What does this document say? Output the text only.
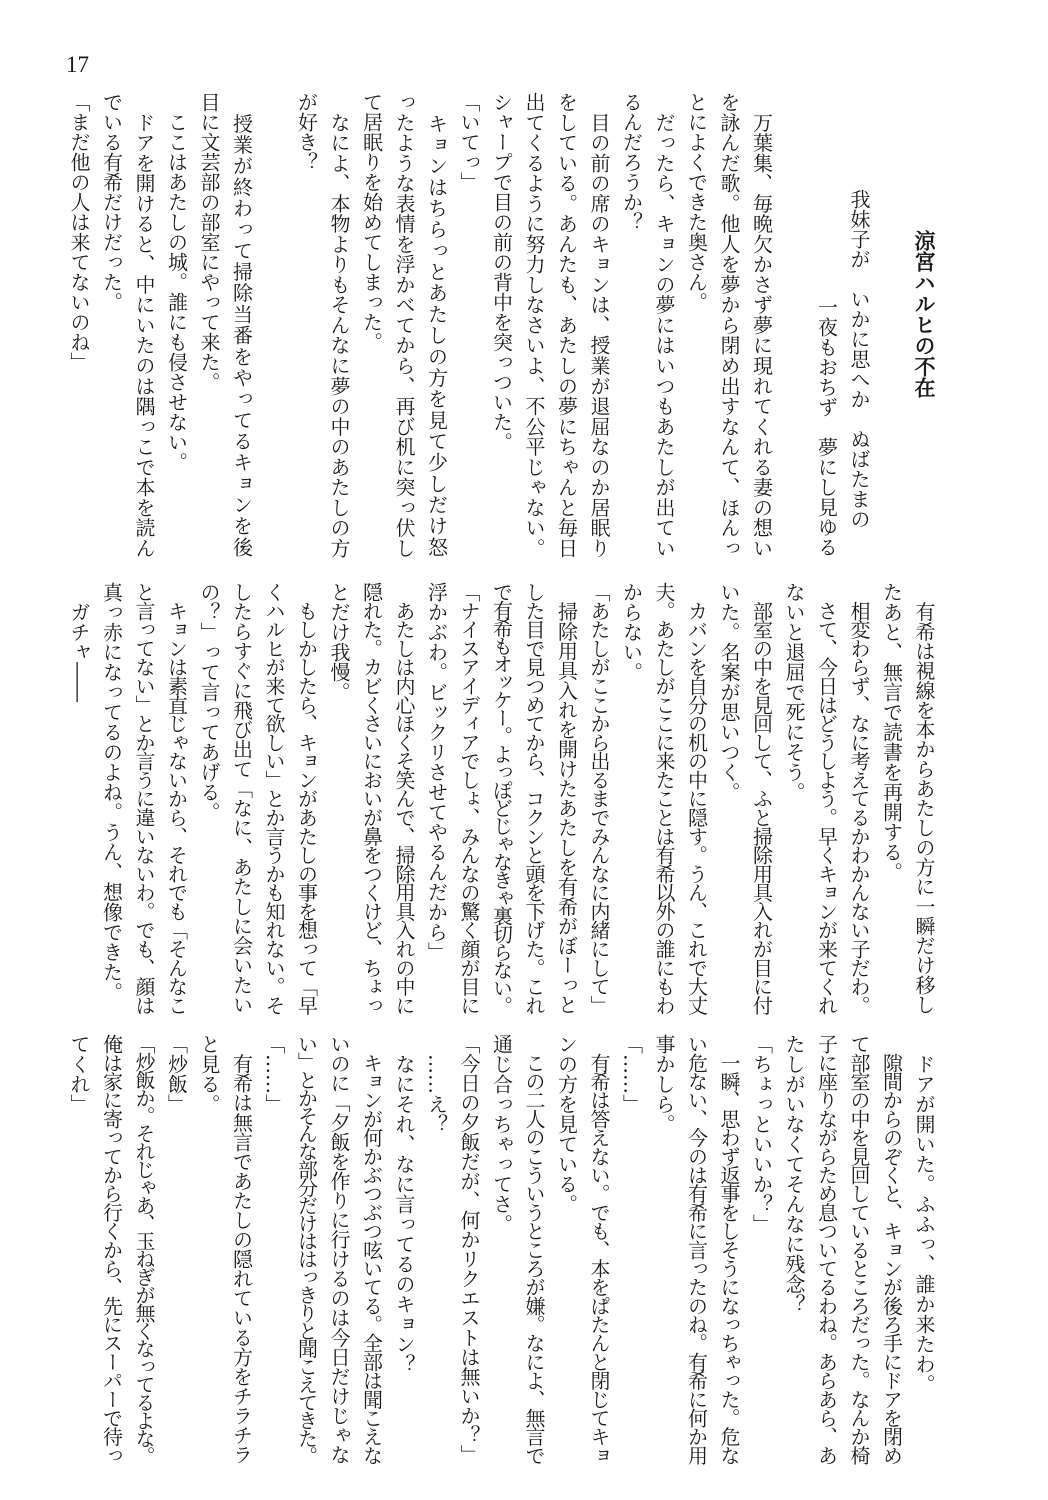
17
涼宮ハルヒの不在
我妹子が　いかに思へか　ぬばたまの
一夜もおちず　夢にし見ゆる
　万葉集、毎晩欠かさず夢に現れてくれる妻の想い
を詠んだ歌。他人を夢から閉め出すなんて、ほんっ
とによくできた奥さん。
　だったら、キョンの夢にはいつもあたしが出てい
るんだろうか？
　目の前の席のキョンは、授業が退屈なのか居眠り
をしている。あんたも、あたしの夢にちゃんと毎日
出てくるように努力しなさいよ、不公平じゃない。
シャープで目の前の背中を突っついた。
「いてっ」
　キョンはちらっとあたしの方を見て少しだけ怒
ったような表情を浮かべてから、再び机に突っ伏し
て居眠りを始めてしまった。
　なによ、本物よりもそんなに夢の中のあたしの方
が好き？
　授業が終わって掃除当番をやってるキョンを後
目に文芸部の部室にやって来た。
　ここはあたしの城。誰にも侵させない。
　ドアを開けると、中にいたのは隅っこで本を読ん
でいる有希だけだった。
「まだ他の人は来てないのね」
　有希は視線を本からあたしの方に一瞬だけ移し
たあと、無言で読書を再開する。
　相変わらず、なに考えてるかわかんない子だわ。
　さて、今日はどうしよう。早くキョンが来てくれ
ないと退屈で死にそう。
　部室の中を見回して、ふと掃除用具入れが目に付
いた。名案が思いつく。
　カバンを自分の机の中に隠す。うん、これで大丈
夫。あたしがここに来たことは有希以外の誰にもわ
からない。
「あたしがここから出るまでみんなに内緒にして」
　掃除用具入れを開けたあたしを有希がぼーっと
した目で見つめてから、コクンと頭を下げた。これ
で有希もオッケー。よっぽどじゃなきゃ裏切らない。
「ナイスアイディアでしょ、みんなの驚く顔が目に
浮かぶわ。ビックリさせてやるんだから」
　あたしは内心ほくそ笑んで、掃除用具入れの中に
隠れた。カビくさいにおいが鼻をつくけど、ちょっ
とだけ我慢。
　もしかしたら、キョンがあたしの事を想って「早
くハルヒが来て欲しい」とか言うかも知れない。そ
したらすぐに飛び出て「なに、あたしに会いたい
の？」って言ってあげる。
　キョンは素直じゃないから、それでも「そんなこ
と言ってない」とか言うに違いないわ。でも、顔は
真っ赤になってるのよね。うん、想像できた。
　ガチャ――
　ドアが開いた。ふふっ、誰か来たわ。
　隙間からのぞくと、キョンが後ろ手にドアを閉め
て部室の中を見回しているところだった。なんか椅
子に座りながらため息ついてるわね。あらあら、あ
たしがいなくてそんなに残念？
「ちょっといいか？」
　一瞬、思わず返事をしそうになっちゃった。危な
い危ない、今のは有希に言ったのね。有希に何か用
事かしら。
「……」
　有希は答えない。でも、本をぱたんと閉じてキョ
ンの方を見ている。
　この二人のこういうところが嫌。なによ、無言で
通じ合っちゃってさ。
「今日の夕飯だが、何かリクエストは無いか？」
　……え？
　なにそれ、なに言ってるのキョン？
　キョンが何かぶつぶつ呟いてる。全部は聞こえな
いのに「夕飯を作りに行けるのは今日だけじゃな
い」とかそんな部分だけははっきりと聞こえてきた。
「……」
　有希は無言であたしの隠れている方をチラチラ
と見る。
「炒飯」
「炒飯か。それじゃあ、玉ねぎが無くなってるよな。
俺は家に寄ってから行くから、先にスーパーで待っ
てくれ」
